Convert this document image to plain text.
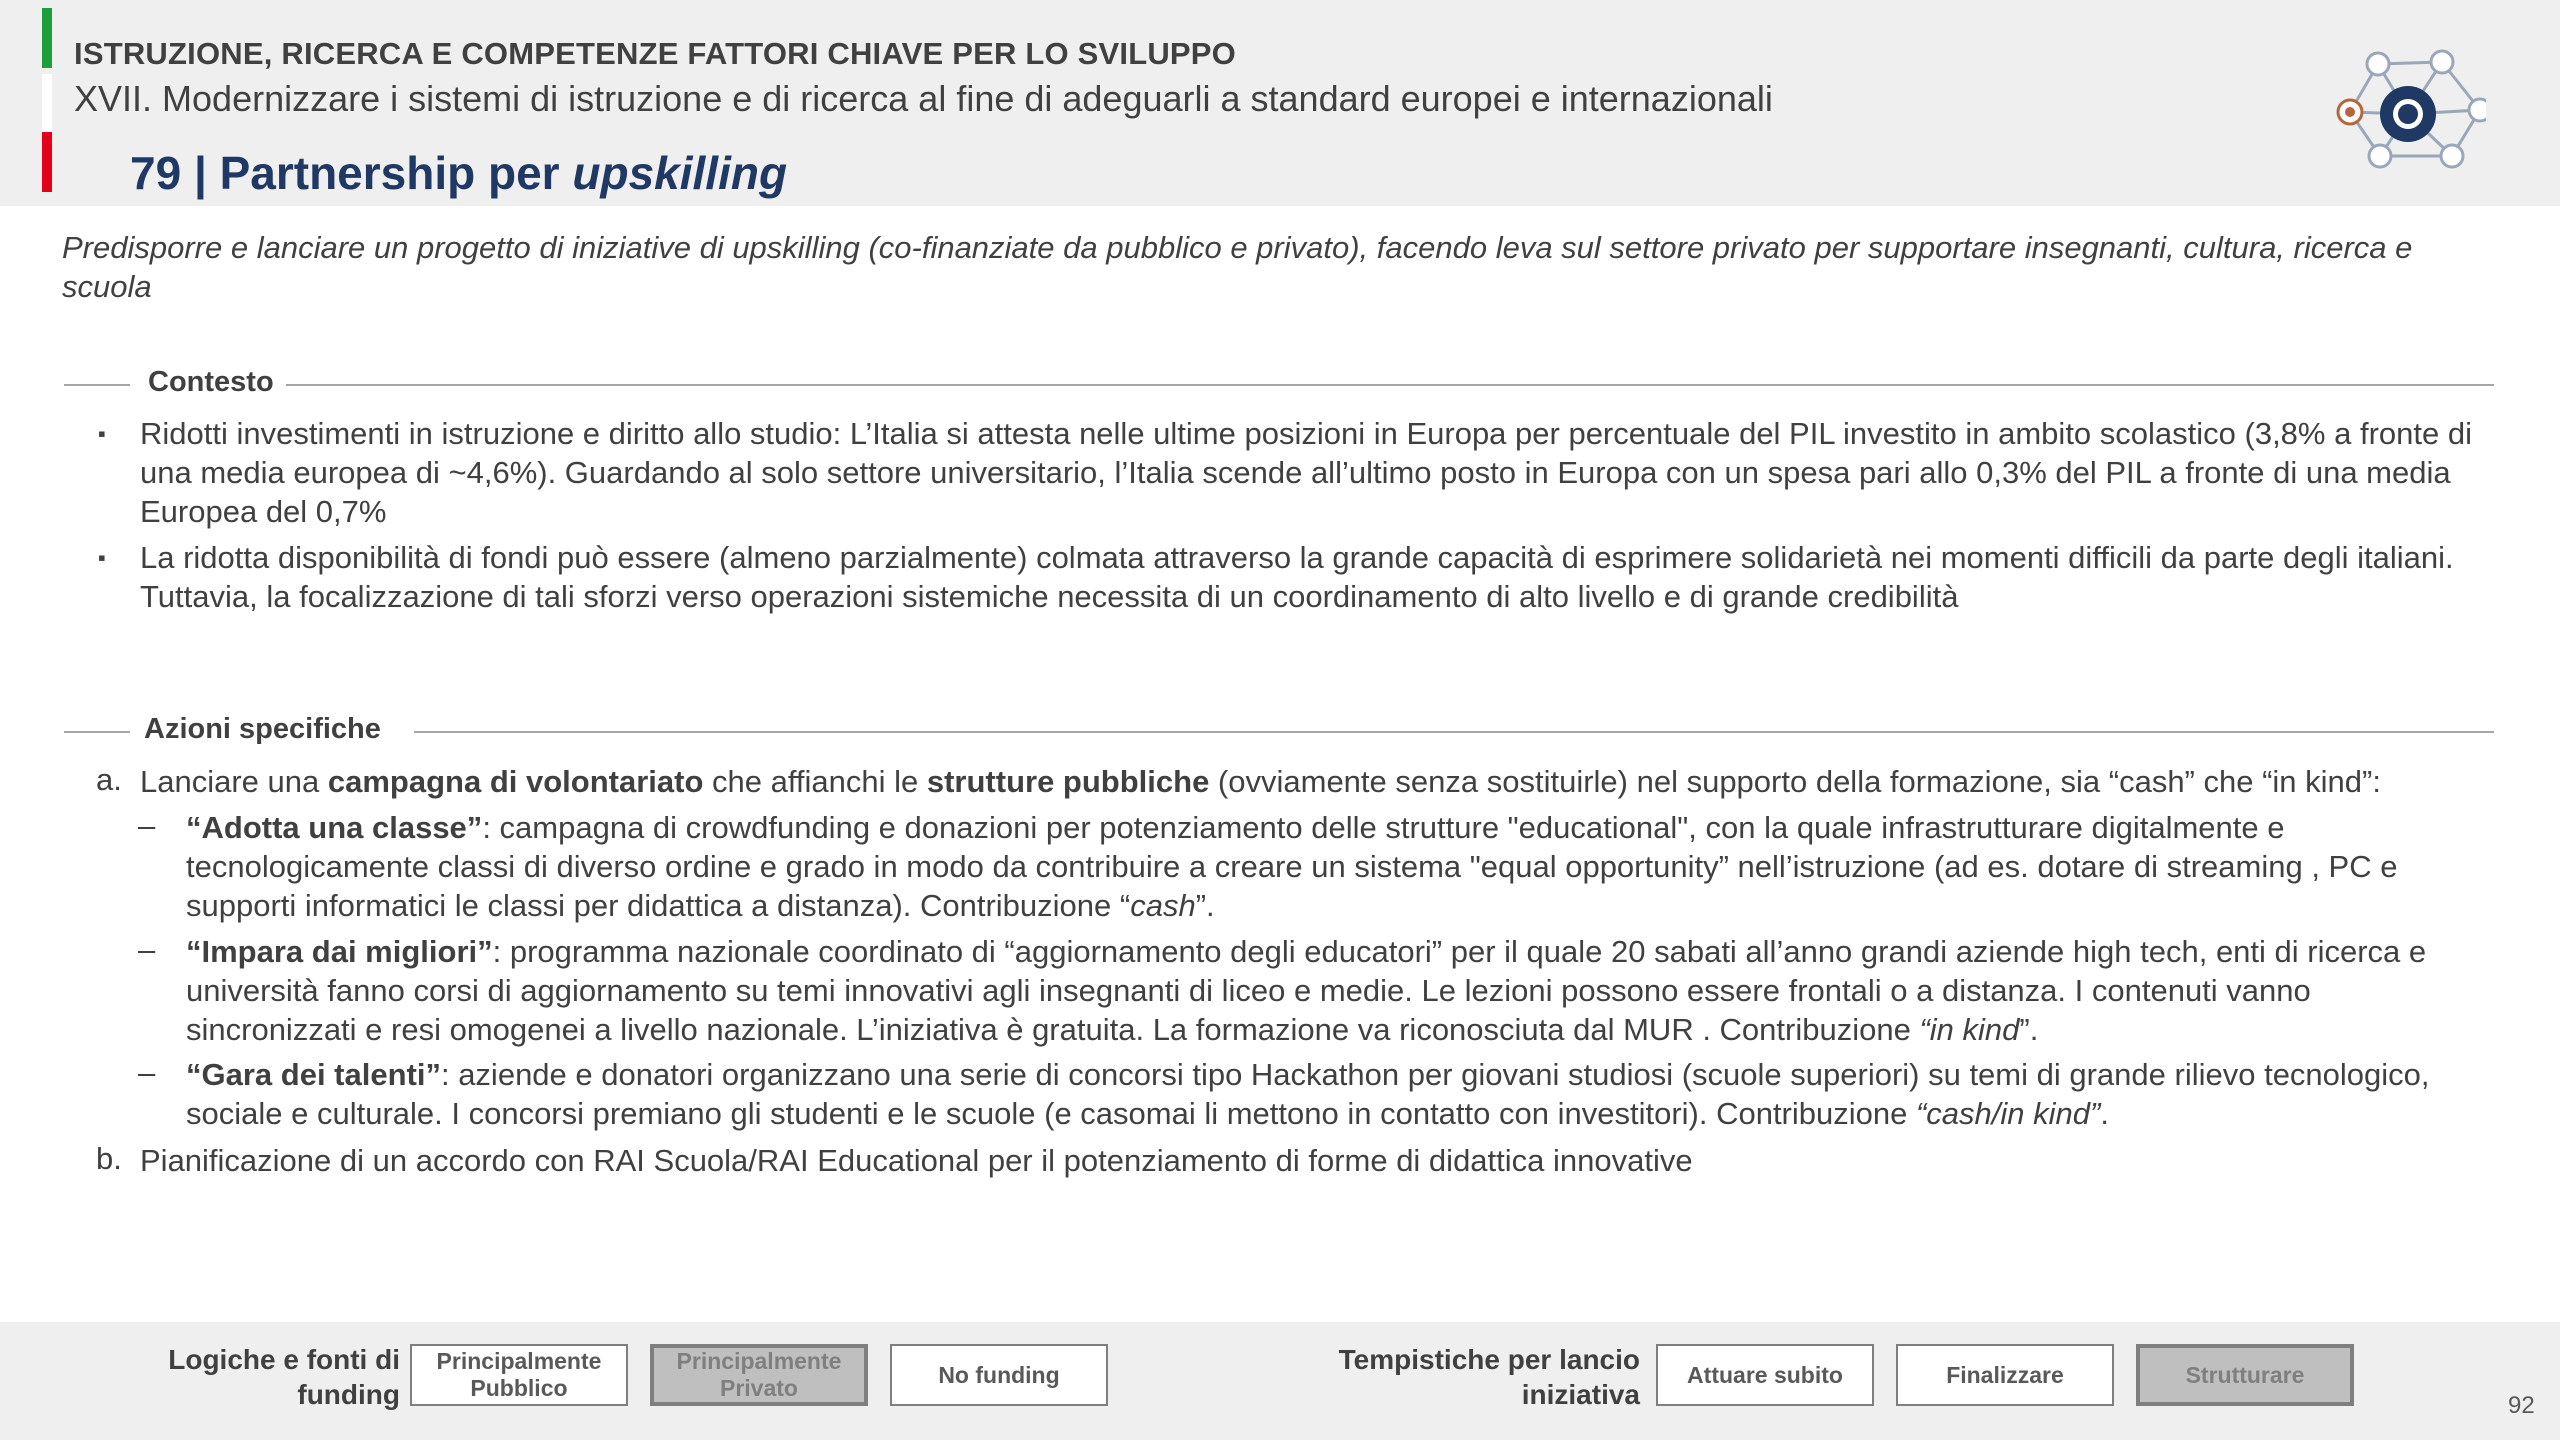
ISTRUZIONE, RICERCA E COMPETENZE FATTORI CHIAVE PER LO SVILUPPO
XVII. Modernizzare i sistemi di istruzione e di ricerca al fine di adeguarli a standard europei e internazionali
79 | Partnership per upskilling
Predisporre e lanciare un progetto di iniziative di upskilling (co-finanziate da pubblico e privato), facendo leva sul settore privato per supportare insegnanti, cultura, ricerca e scuola
Contesto
▪ Ridotti investimenti in istruzione e diritto allo studio: L’Italia si attesta nelle ultime posizioni in Europa per percentuale del PIL investito in ambito scolastico (3,8% a fronte di una media europea di ~4,6%). Guardando al solo settore universitario, l’Italia scende all’ultimo posto in Europa con un spesa pari allo 0,3% del PIL a fronte di una media Europea del 0,7%
▪ La ridotta disponibilità di fondi può essere (almeno parzialmente) colmata attraverso la grande capacità di esprimere solidarietà nei momenti difficili da parte degli italiani. Tuttavia, la focalizzazione di tali sforzi verso operazioni sistemiche necessita di un coordinamento di alto livello e di grande credibilità
Azioni specifiche
a. Lanciare una campagna di volontariato che affianchi le strutture pubbliche (ovviamente senza sostituirle) nel supporto della formazione, sia “cash” che “in kind”:
– “Adotta una classe”: campagna di crowdfunding e donazioni per potenziamento delle strutture "educational", con la quale infrastrutturare digitalmente e tecnologicamente classi di diverso ordine e grado in modo da contribuire a creare un sistema "equal opportunity” nell’istruzione (ad es. dotare di streaming , PC e supporti informatici le classi per didattica a distanza). Contribuzione “cash”.
– “Impara dai migliori”: programma nazionale coordinato di “aggiornamento degli educatori” per il quale 20 sabati all’anno grandi aziende high tech, enti di ricerca e università fanno corsi di aggiornamento su temi innovativi agli insegnanti di liceo e medie. Le lezioni possono essere frontali o a distanza. I contenuti vanno sincronizzati e resi omogenei a livello nazionale. L’iniziativa è gratuita. La formazione va riconosciuta dal MUR . Contribuzione “in kind”.
– “Gara dei talenti”: aziende e donatori organizzano una serie di concorsi tipo Hackathon per giovani studiosi (scuole superiori) su temi di grande rilievo tecnologico, sociale e culturale. I concorsi premiano gli studenti e le scuole (e casomai li mettono in contatto con investitori). Contribuzione “cash/in kind”.
b. Pianificazione di un accordo con RAI Scuola/RAI Educational per il potenziamento di forme di didattica innovative
Logiche e fonti di
funding
Principalmente
Pubblico
Principalmente
Privato
No funding	Tempistiche per lancio
iniziativa
Attuare subito	Finalizzare	Strutturare
92
